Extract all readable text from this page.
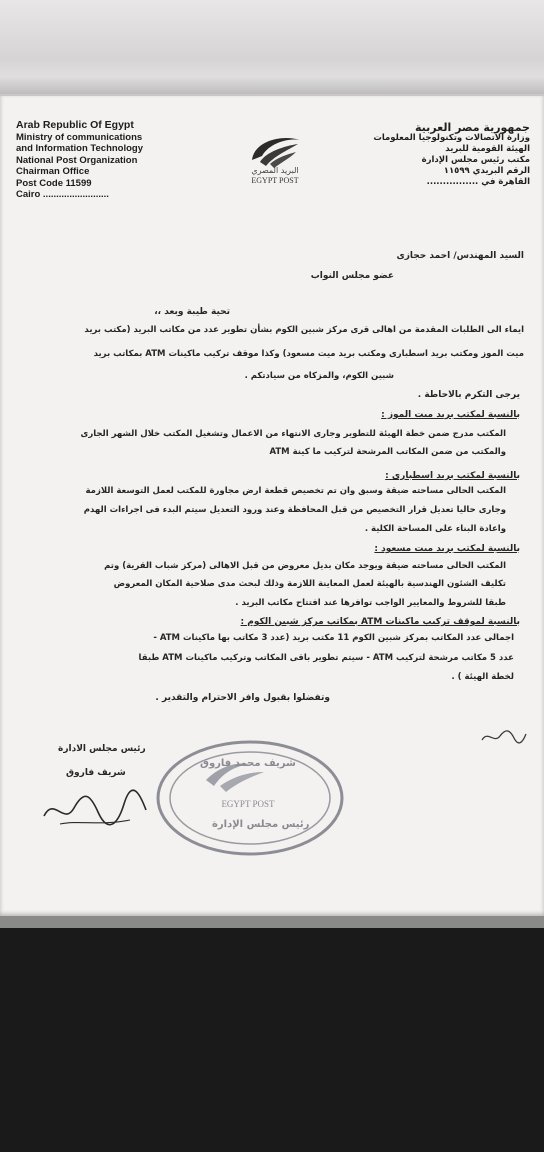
Arab Republic Of Egypt
Ministry of communications
and Information Technology
National Post Organization
Chairman Office
Post Code 11599
Cairo .........................
البريد المصري
EGYPT POST
جمهورية مصر العربية
وزارة الاتصالات وتكنولوجيا المعلومات
الهيئة القومية للبريد
مكتب رئيس مجلس الإدارة
الرقم البريدي ١١٥٩٩
القاهرة في ................
السيد المهندس/ احمد حجازى
عضو مجلس النواب
تحية طيبة وبعد ،،
ايماء الى الطلبات المقدمة من اهالى قرى مركز شبين الكوم بشأن تطوير عدد من مكاتب البريد (مكتب بريد
ميت الموز ومكتب بريد اسطبارى ومكتب بريد ميت مسعود) وكذا موقف تركيب ماكينات ATM بمكاتب بريد
شبين الكوم، والمزكاه من سيادتكم .
يرجى التكرم بالاحاطة .
بالنسبة لمكتب بريد ميت الموز :
المكتب مدرج ضمن خطة الهيئة للتطوير وجارى الانتهاء من الاعمال وتشغيل المكتب خلال الشهر الجارى
والمكتب من ضمن المكاتب المرشحة لتركيب ما كينة ATM
بالنسبة لمكتب بريد اسطبارى :
المكتب الحالى مساحته ضيقة وسبق وان تم تخصيص قطعة ارض مجاورة للمكتب لعمل التوسعة اللازمة
وجارى حاليا تعديل قرار التخصيص من قبل المحافظة وعند ورود التعديل سيتم البدء فى اجراءات الهدم
واعادة البناء على المساحة الكلية .
بالنسبة لمكتب بريد ميت مسعود :
المكتب الحالى مساحته ضيقة ويوجد مكان بديل معروض من قبل الاهالى (مركز شباب القرية) وتم
تكليف الشئون الهندسية بالهيئة لعمل المعاينة اللازمة وذلك لبحث مدى صلاحية المكان المعروض
طبقا للشروط والمعايير الواجب توافرها عند افتتاح مكاتب البريد .
بالنسبة لموقف تركيب ماكينات ATM بمكاتب مركز شبين الكوم :
اجمالى عدد المكاتب بمركز شبين الكوم 11 مكتب بريد (عدد 3 مكاتب بها ماكينات ATM -
عدد 5 مكاتب مرشحة لتركيب ATM - سيتم تطوير باقى المكاتب وتركيب ماكينات ATM طبقا
لخطة الهيئة ) .
وتفضلوا بقبول وافر الاحترام والتقدير .
رئيس مجلس الادارة
شريف فاروق
شريف محمد فاروق
EGYPT POST
رئيس مجلس الإدارة
